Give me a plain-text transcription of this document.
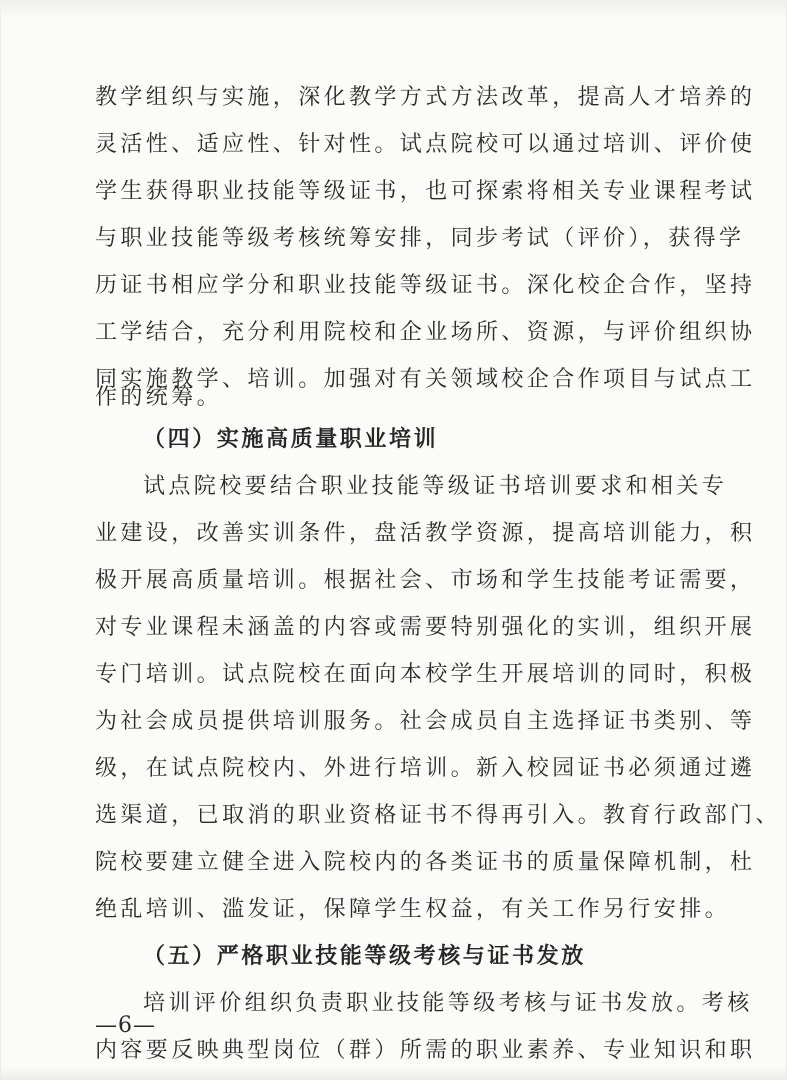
教学组织与实施，深化教学方式方法改革，提高人才培养的
灵活性、适应性、针对性。试点院校可以通过培训、评价使
学生获得职业技能等级证书，也可探索将相关专业课程考试
与职业技能等级考核统筹安排，同步考试（评价），获得学
历证书相应学分和职业技能等级证书。深化校企合作，坚持
工学结合，充分利用院校和企业场所、资源，与评价组织协
同实施教学、培训。加强对有关领域校企合作项目与试点工
作的统筹。
（四）实施高质量职业培训
试点院校要结合职业技能等级证书培训要求和相关专
业建设，改善实训条件，盘活教学资源，提高培训能力，积
极开展高质量培训。根据社会、市场和学生技能考证需要，
对专业课程未涵盖的内容或需要特别强化的实训，组织开展
专门培训。试点院校在面向本校学生开展培训的同时，积极
为社会成员提供培训服务。社会成员自主选择证书类别、等
级，在试点院校内、外进行培训。新入校园证书必须通过遴
选渠道，已取消的职业资格证书不得再引入。教育行政部门、
院校要建立健全进入院校内的各类证书的质量保障机制，杜
绝乱培训、滥发证，保障学生权益，有关工作另行安排。
（五）严格职业技能等级考核与证书发放
培训评价组织负责职业技能等级考核与证书发放。考核
内容要反映典型岗位（群）所需的职业素养、专业知识和职
—6—
